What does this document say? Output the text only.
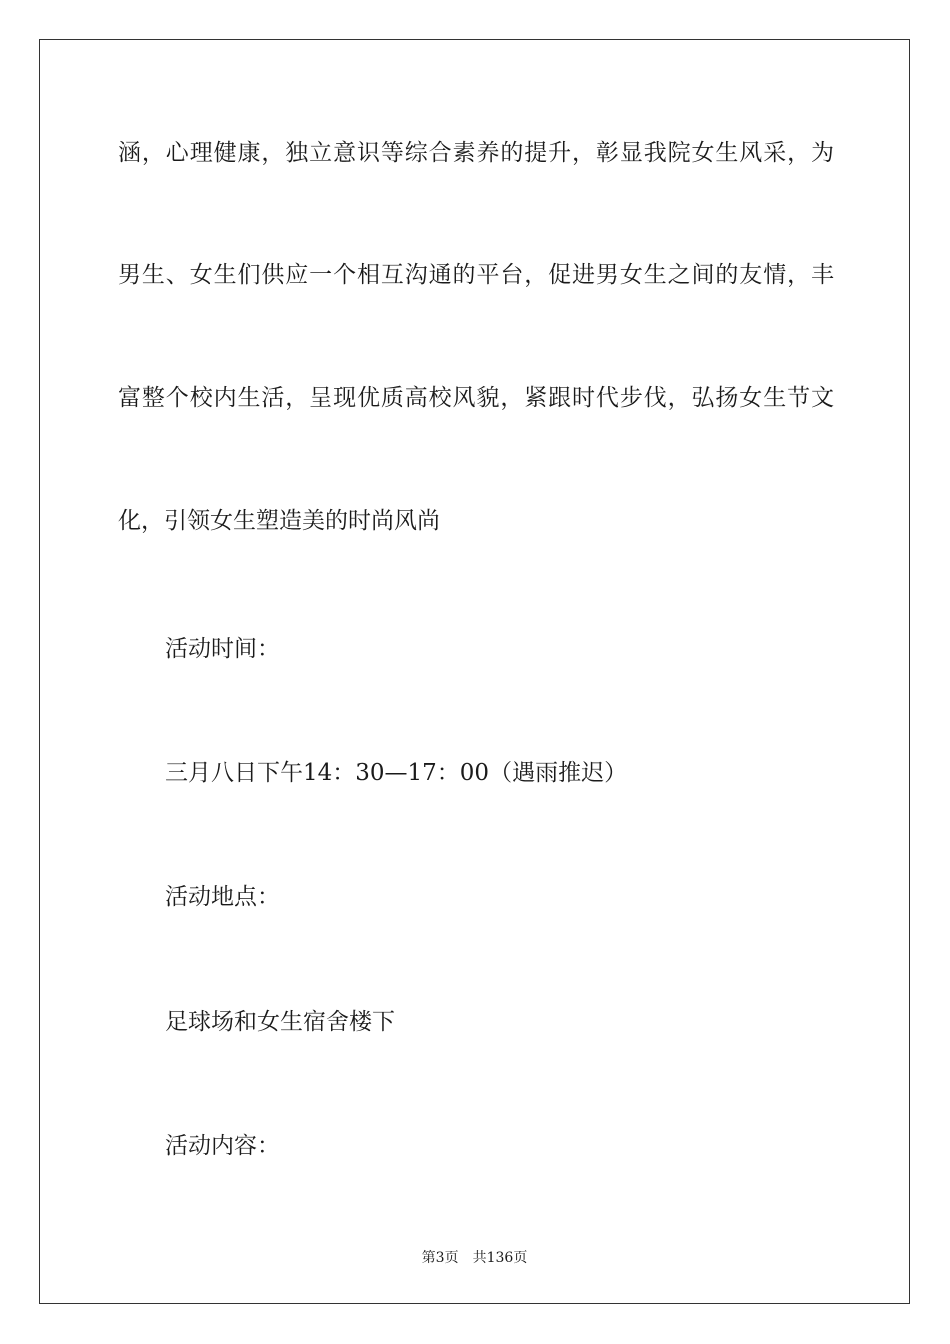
涵，心理健康，独立意识等综合素养的提升，彰显我院女生风采，为
男生、女生们供应一个相互沟通的平台，促进男女生之间的友情，丰
富整个校内生活，呈现优质高校风貌，紧跟时代步伐，弘扬女生节文
化，引领女生塑造美的时尚风尚
活动时间：
三月八日下午14：30—17：00（遇雨推迟）
活动地点：
足球场和女生宿舍楼下
活动内容：
第3页 共136页
